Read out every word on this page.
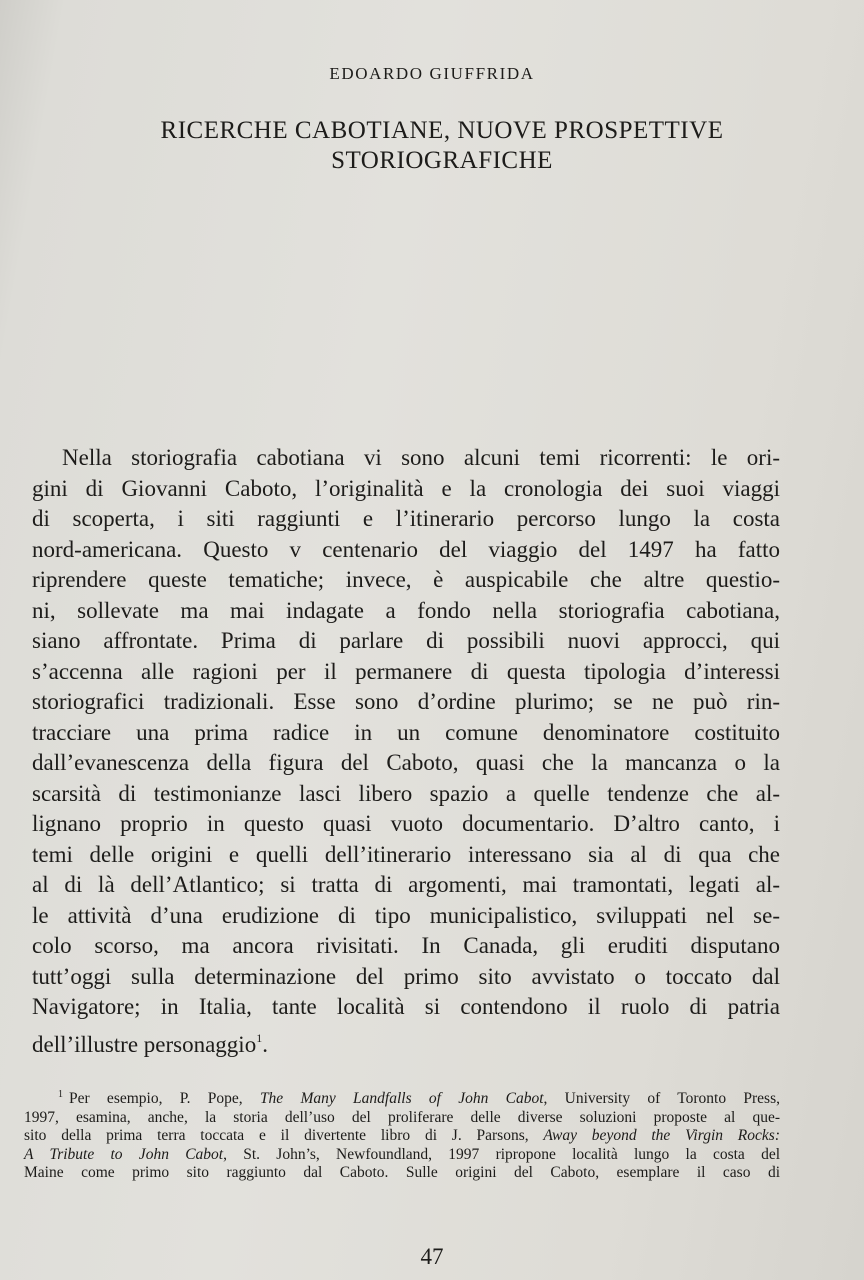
EDOARDO GIUFFRIDA
RICERCHE CABOTIANE, NUOVE PROSPETTIVE
STORIOGRAFICHE
Nella storiografia cabotiana vi sono alcuni temi ricorrenti: le ori-
gini di Giovanni Caboto, l’originalità e la cronologia dei suoi viaggi
di scoperta, i siti raggiunti e l’itinerario percorso lungo la costa
nord-americana. Questo v centenario del viaggio del 1497 ha fatto
riprendere queste tematiche; invece, è auspicabile che altre questio-
ni, sollevate ma mai indagate a fondo nella storiografia cabotiana,
siano affrontate. Prima di parlare di possibili nuovi approcci, qui
s’accenna alle ragioni per il permanere di questa tipologia d’interessi
storiografici tradizionali. Esse sono d’ordine plurimo; se ne può rin-
tracciare una prima radice in un comune denominatore costituito
dall’evanescenza della figura del Caboto, quasi che la mancanza o la
scarsità di testimonianze lasci libero spazio a quelle tendenze che al-
lignano proprio in questo quasi vuoto documentario. D’altro canto, i
temi delle origini e quelli dell’itinerario interessano sia al di qua che
al di là dell’Atlantico; si tratta di argomenti, mai tramontati, legati al-
le attività d’una erudizione di tipo municipalistico, sviluppati nel se-
colo scorso, ma ancora rivisitati. In Canada, gli eruditi disputano
tutt’oggi sulla determinazione del primo sito avvistato o toccato dal
Navigatore; in Italia, tante località si contendono il ruolo di patria
dell’illustre personaggio$^1$.
$^1$ Per esempio, P. Pope, The Many Landfalls of John Cabot, University of Toronto Press,
1997, esamina, anche, la storia dell’uso del proliferare delle diverse soluzioni proposte al que-
sito della prima terra toccata e il divertente libro di J. Parsons, Away beyond the Virgin Rocks:
A Tribute to John Cabot, St. John’s, Newfoundland, 1997 ripropone località lungo la costa del
Maine come primo sito raggiunto dal Caboto. Sulle origini del Caboto, esemplare il caso di
47
